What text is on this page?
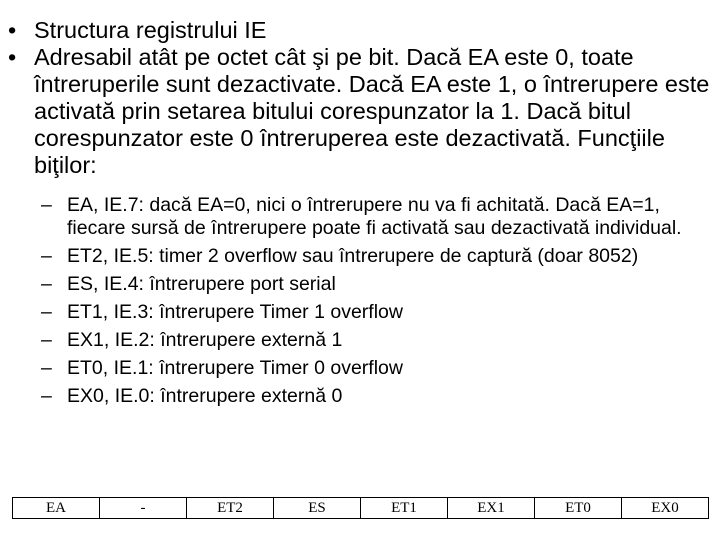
• Structura registrului IE
• Adresabil atât pe octet cât şi pe bit. Dacă EA este 0, toate întreruperile sunt dezactivate. Dacă EA este 1, o întrerupere este activată prin setarea bitului corespunzator la 1. Dacă bitul corespunzator este 0 întreruperea este dezactivată. Funcţiile biţilor:
– EA, IE.7: dacă EA=0, nici o întrerupere nu va fi achitată. Dacă EA=1, fiecare sursă de întrerupere poate fi activată sau dezactivată individual.
– ET2, IE.5: timer 2 overflow sau întrerupere de captură (doar 8052)
– ES, IE.4: întrerupere port serial
– ET1, IE.3: întrerupere Timer 1 overflow
– EX1, IE.2: întrerupere externă 1
– ET0, IE.1: întrerupere Timer 0 overflow
– EX0, IE.0: întrerupere externă 0
EA	-	ET2	ES	ET1	EX1	ET0	EX0
